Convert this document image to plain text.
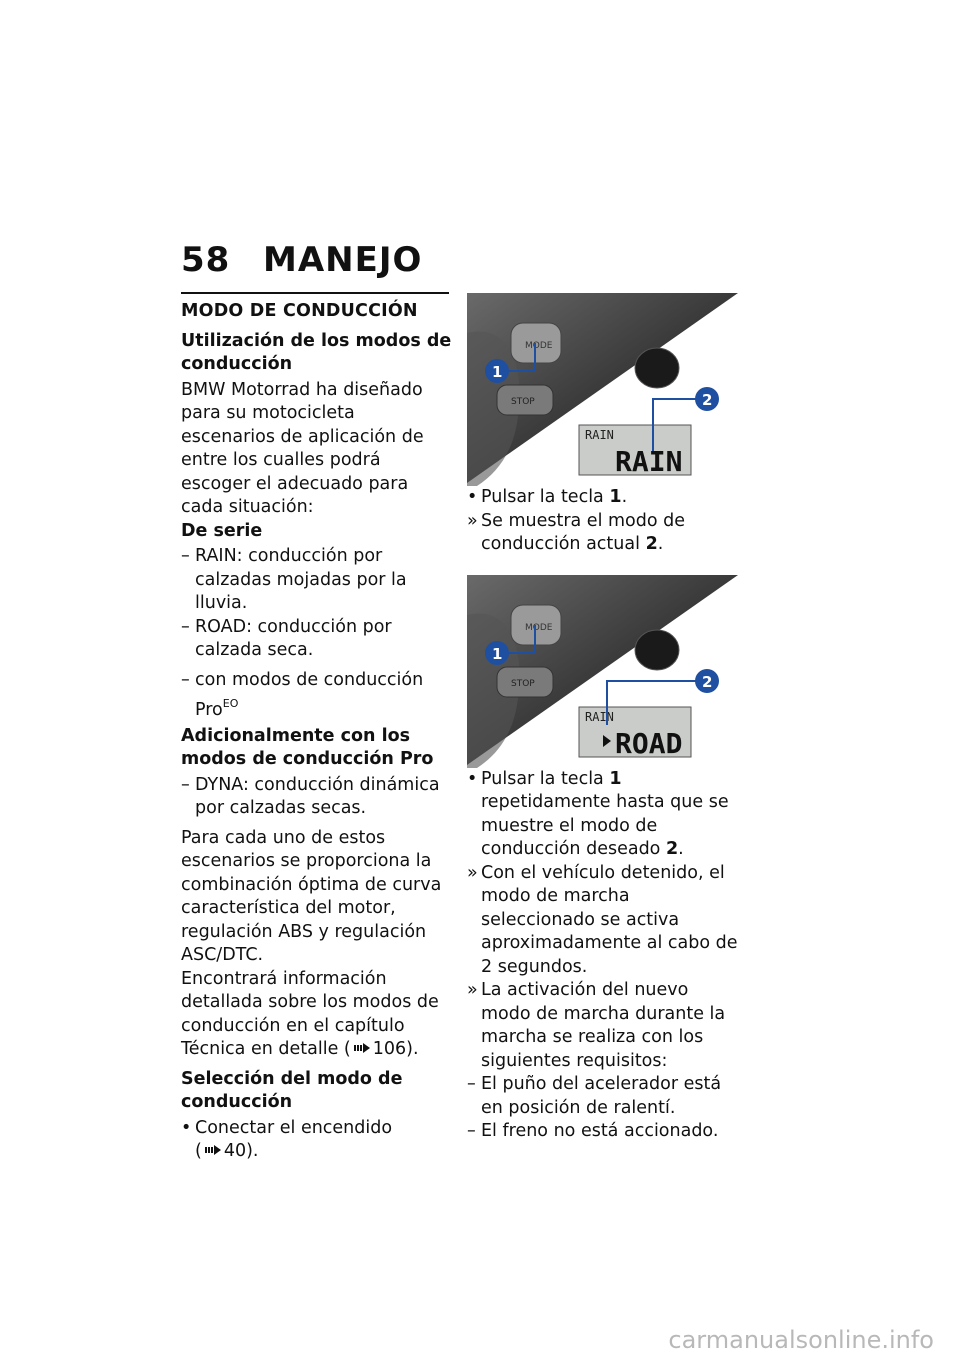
58 MANEJO
MODO DE CONDUCCIÓN
Utilización de los modos de conducción

BMW Motorrad ha diseñado para su motocicleta escenarios de aplicación de entre los cualles podrá escoger el adecuado para cada situación:

De serie
– RAIN: conducción por calzadas mojadas por la lluvia.
– ROAD: conducción por calzada seca.
– con modos de conducción Pro$^{EO}$
Adicionalmente con los modos de conducción Pro
– DYNA: conducción dinámica por calzadas secas.

Para cada uno de estos escenarios se proporciona la combinación óptima de curva característica del motor, regulación ABS y regulación ASC/DTC.

Encontrará información detallada sobre los modos de conducción en el capítulo Técnica en detalle ( 106).

Selección del modo de conducción
• Conectar el encendido
( 40).
MODE
STOP
RAIN
RAIN
1
2
• Pulsar la tecla 1.
» Se muestra el modo de conducción actual 2.
MODE
STOP
RAIN
ROAD
1
2
• Pulsar la tecla 1 repetidamente hasta que se muestre el modo de conducción deseado 2.
» Con el vehículo detenido, el modo de marcha seleccionado se activa aproximadamente al cabo de 2 segundos.
» La activación del nuevo modo de marcha durante la marcha se realiza con los siguientes requisitos:
– El puño del acelerador está en posición de ralentí.
– El freno no está accionado.
carmanualsonline.info
